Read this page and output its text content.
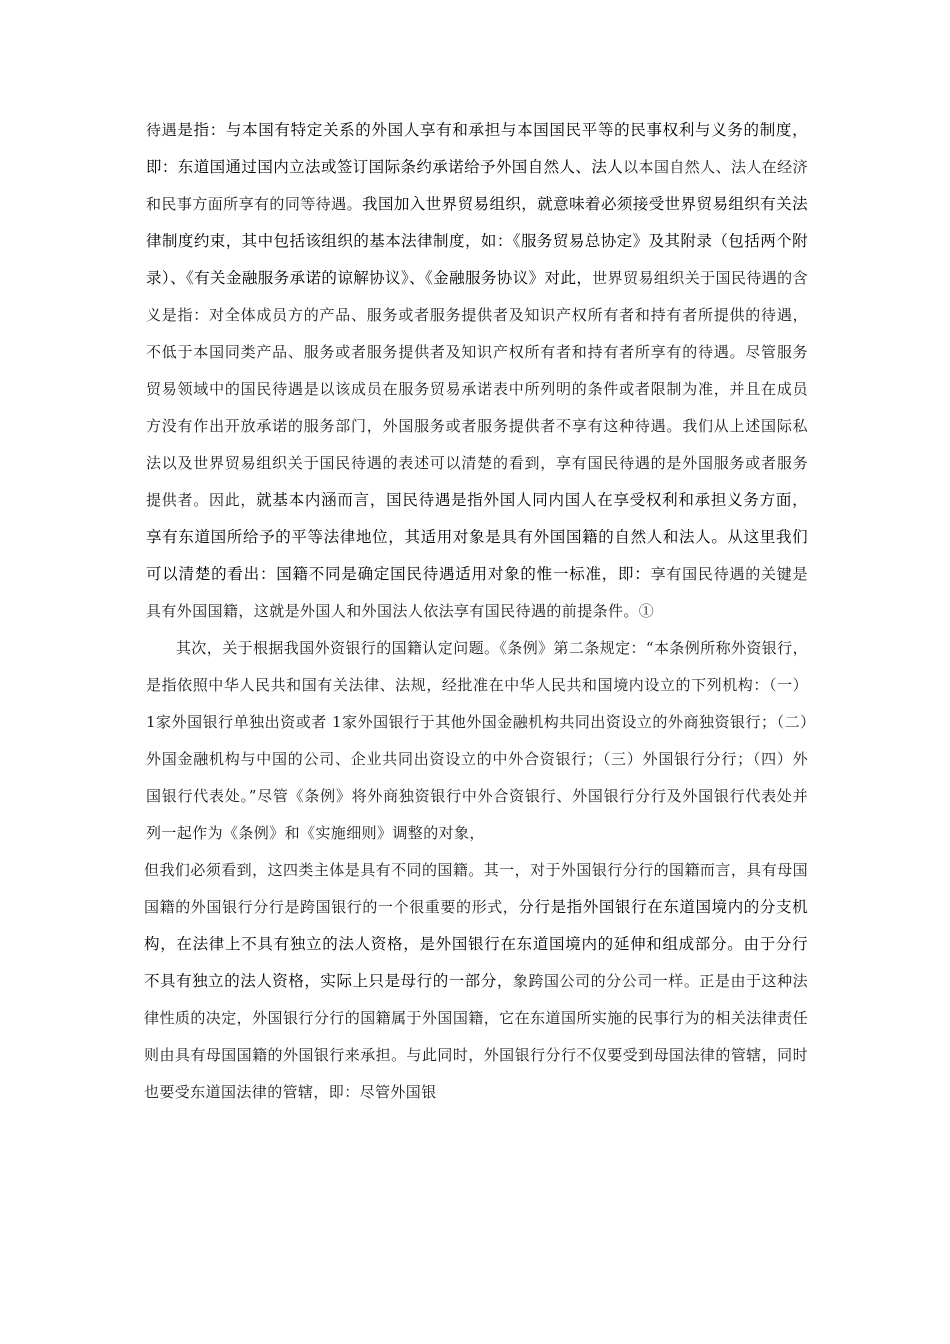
待遇是指：与本国有特定关系的外国人享有和承担与本国国民平等的民事权利与义务的制度，即：东道国通过国内立法或签订国际条约承诺给予外国自然人、法人以本国自然人、法人在经济和民事方面所享有的同等待遇。我国加入世界贸易组织，就意味着必须接受世界贸易组织有关法律制度约束，其中包括该组织的基本法律制度，如：《服务贸易总协定》及其附录（包括两个附录）、《有关金融服务承诺的谅解协议》、《金融服务协议》对此，世界贸易组织关于国民待遇的含义是指：对全体成员方的产品、服务或者服务提供者及知识产权所有者和持有者所提供的待遇，不低于本国同类产品、服务或者服务提供者及知识产权所有者和持有者所享有的待遇。尽管服务贸易领域中的国民待遇是以该成员在服务贸易承诺表中所列明的条件或者限制为准，并且在成员方没有作出开放承诺的服务部门，外国服务或者服务提供者不享有这种待遇。我们从上述国际私法以及世界贸易组织关于国民待遇的表述可以清楚的看到，享有国民待遇的是外国服务或者服务提供者。因此，就基本内涵而言，国民待遇是指外国人同内国人在享受权利和承担义务方面，享有东道国所给予的平等法律地位，其适用对象是具有外国国籍的自然人和法人。从这里我们可以清楚的看出：国籍不同是确定国民待遇适用对象的惟一标准，即：享有国民待遇的关键是具有外国国籍，这就是外国人和外国法人依法享有国民待遇的前提条件。①

其次，关于根据我国外资银行的国籍认定问题。《条例》第二条规定：“本条例所称外资银行，是指依照中华人民共和国有关法律、法规，经批准在中华人民共和国境内设立的下列机构：（一）1家外国银行单独出资或者 1家外国银行于其他外国金融机构共同出资设立的外商独资银行；（二）外国金融机构与中国的公司、企业共同出资设立的中外合资银行；（三）外国银行分行；（四）外国银行代表处。”尽管《条例》将外商独资银行中外合资银行、外国银行分行及外国银行代表处并列一起作为《条例》和《实施细则》调整的对象，

但我们必须看到，这四类主体是具有不同的国籍。其一，对于外国银行分行的国籍而言，具有母国国籍的外国银行分行是跨国银行的一个很重要的形式，分行是指外国银行在东道国境内的分支机构，在法律上不具有独立的法人资格，是外国银行在东道国境内的延伸和组成部分。由于分行不具有独立的法人资格，实际上只是母行的一部分，象跨国公司的分公司一样。正是由于这种法律性质的决定，外国银行分行的国籍属于外国国籍，它在东道国所实施的民事行为的相关法律责任则由具有母国国籍的外国银行来承担。与此同时，外国银行分行不仅要受到母国法律的管辖，同时也要受东道国法律的管辖，即：尽管外国银
